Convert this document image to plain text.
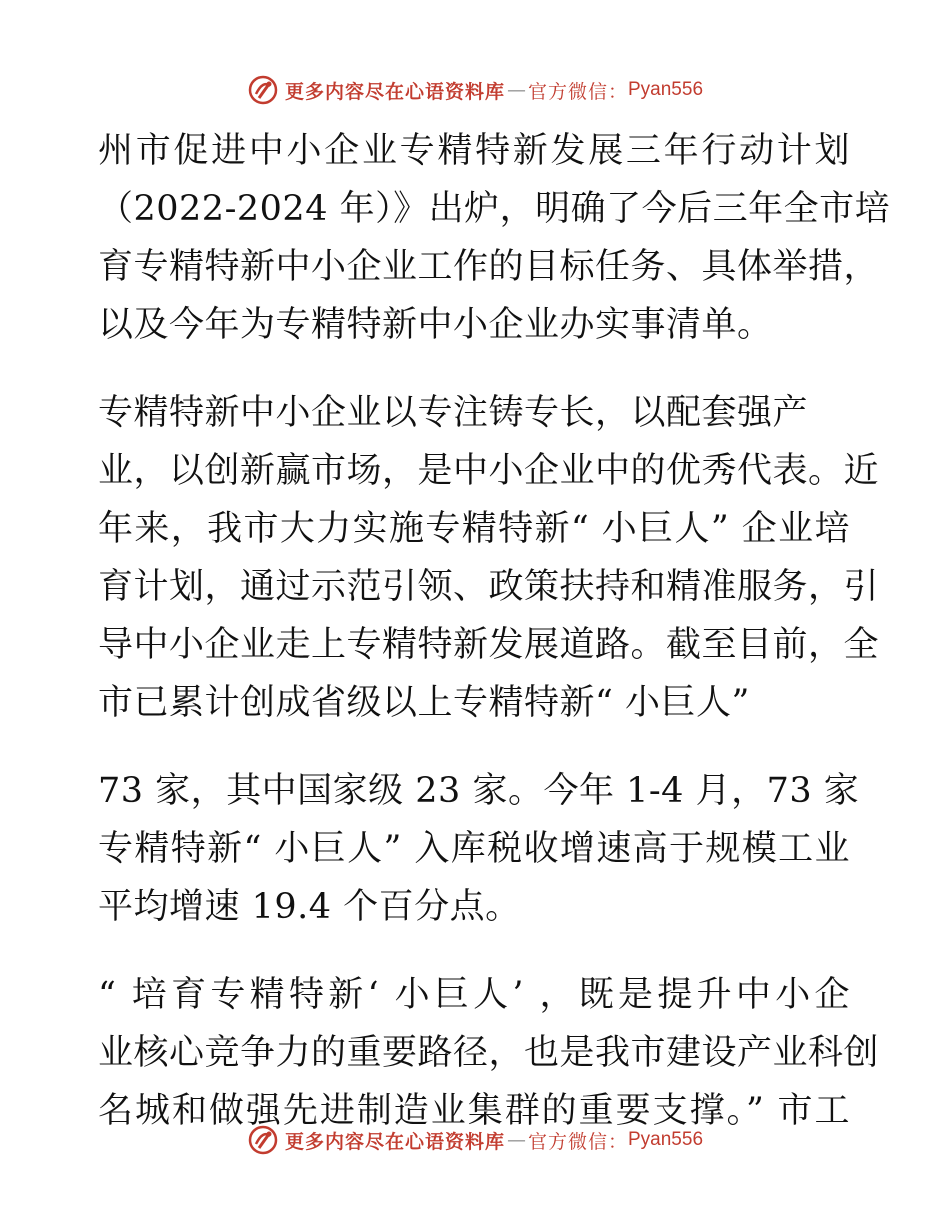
更多内容尽在心语资料库 — 官方微信： Pyan556
州市促进中小企业专精特新发展三年行动计划
（2022-2024 年）》出炉，明确了今后三年全市培
育专精特新中小企业工作的目标任务、具体举措，
以及今年为专精特新中小企业办实事清单。
专精特新中小企业以专注铸专长，以配套强产
业，以创新赢市场，是中小企业中的优秀代表。近
年来，我市大力实施专精特新“ 小巨人” 企业培
育计划，通过示范引领、政策扶持和精准服务，引
导中小企业走上专精特新发展道路。截至目前，全
市已累计创成省级以上专精特新“ 小巨人”
73 家，其中国家级 23 家。今年 1-4 月，73 家
专精特新“ 小巨人” 入库税收增速高于规模工业
平均增速 19.4 个百分点。
“ 培育专精特新‘ 小巨人’ ，既是提升中小企
业核心竞争力的重要路径，也是我市建设产业科创
名城和做强先进制造业集群的重要支撑。” 市工
更多内容尽在心语资料库 — 官方微信： Pyan556
